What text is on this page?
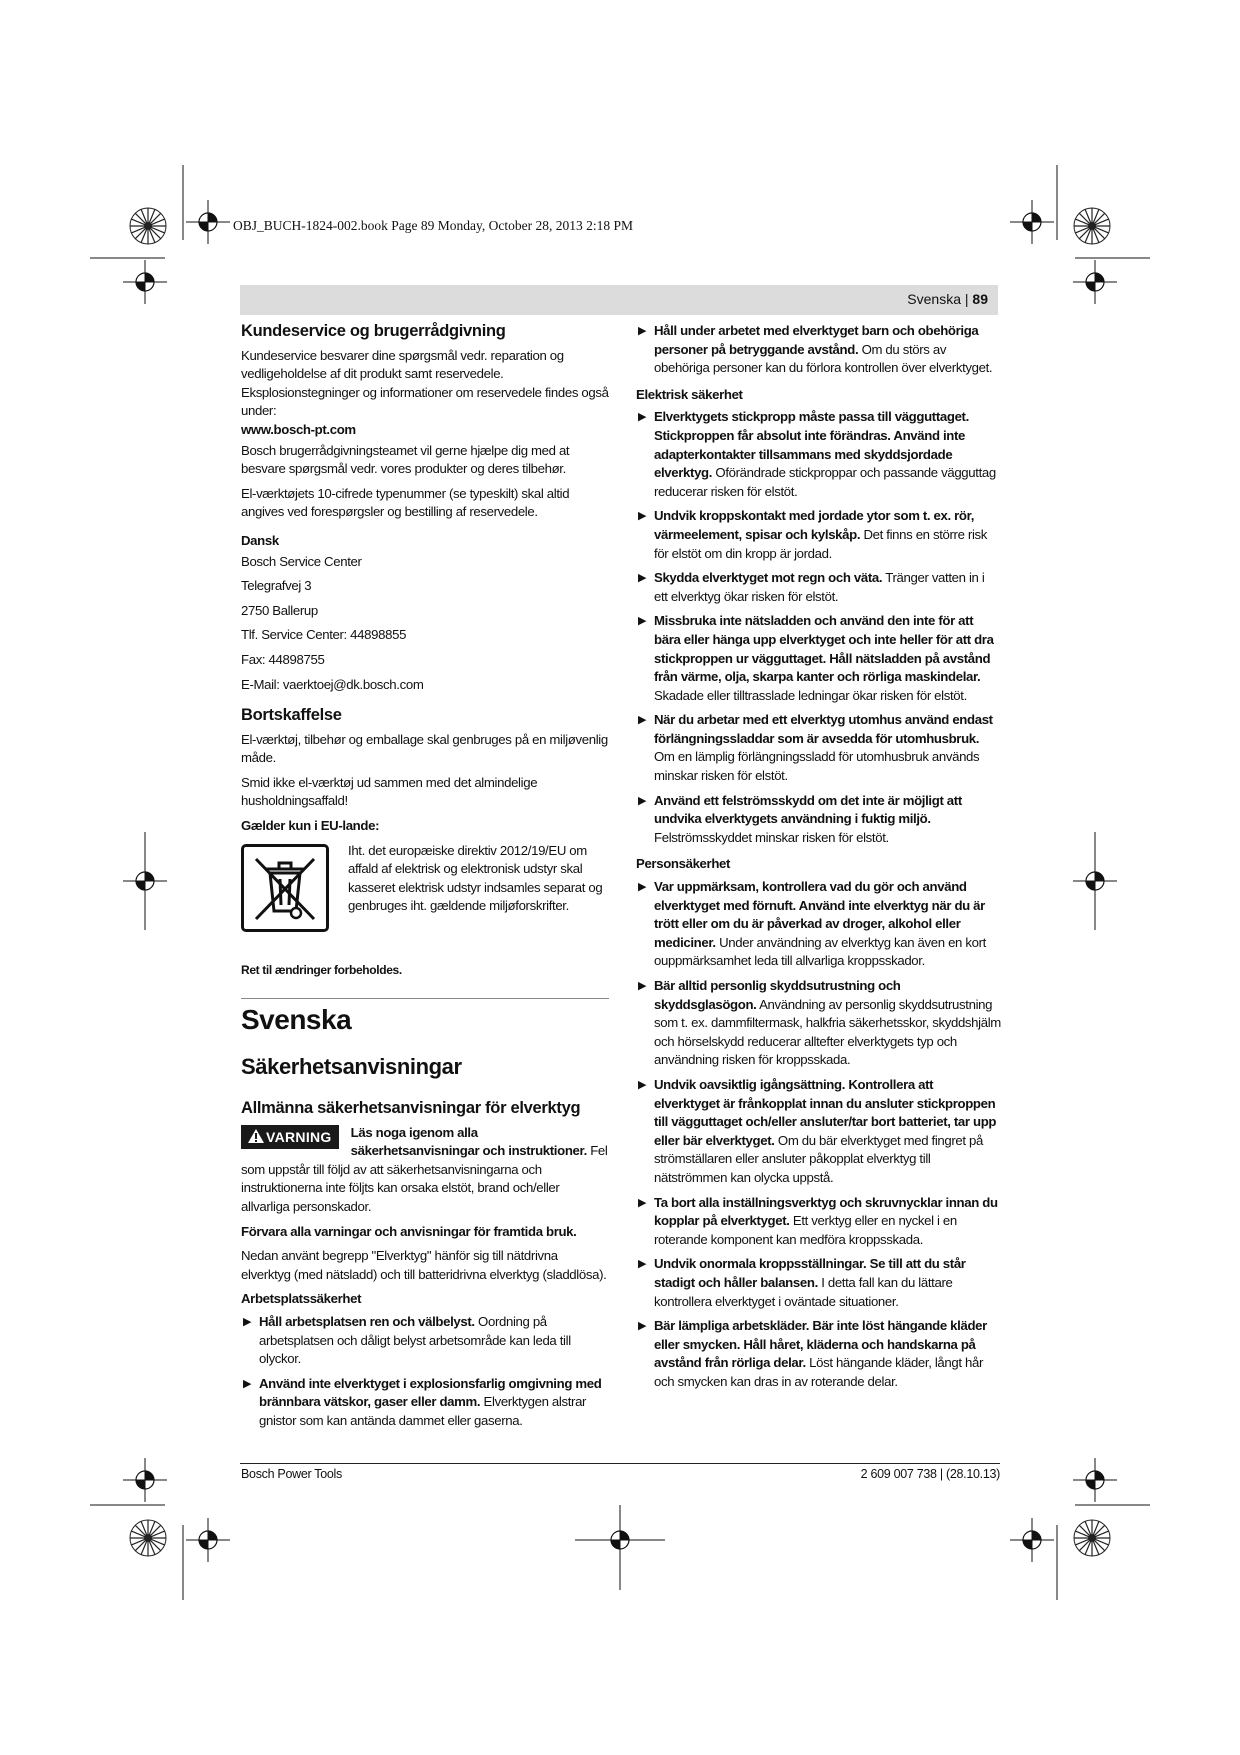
OBJ_BUCH-1824-002.book Page 89 Monday, October 28, 2013 2:18 PM
Svenska | 89
Kundeservice og brugerrådgivning

Kundeservice besvarer dine spørgsmål vedr. reparation og vedligeholdelse af dit produkt samt reservedele. Eksplosionstegninger og informationer om reservedele findes også under:

www.bosch-pt.com

Bosch brugerrådgivningsteamet vil gerne hjælpe dig med at besvare spørgsmål vedr. vores produkter og deres tilbehør.

El-værktøjets 10-cifrede typenummer (se typeskilt) skal altid angives ved forespørgsler og bestilling af reservedele.

Dansk

Bosch Service Center

Telegrafvej 3

2750 Ballerup

Tlf. Service Center: 44898855

Fax: 44898755

E-Mail: vaerktoej@dk.bosch.com

Bortskaffelse

El-værktøj, tilbehør og emballage skal genbruges på en miljøvenlig måde.

Smid ikke el-værktøj ud sammen med det almindelige husholdningsaffald!

Gælder kun i EU-lande:
Iht. det europæiske direktiv 2012/19/EU om affald af elektrisk og elektronisk udstyr skal kasseret elektrisk udstyr indsamles separat og genbruges iht. gældende miljøforskrifter.
Ret til ændringer forbeholdes.
Svenska
Säkerhetsanvisningar
Allmänna säkerhetsanvisningar för elverktyg
VARNING	Läs noga igenom alla säkerhetsanvisningar och instruktioner. Fel som uppstår till följd av att säkerhetsanvisningarna och instruktionerna inte följts kan orsaka elstöt, brand och/eller allvarliga personskador.

Förvara alla varningar och anvisningar för framtida bruk.

Nedan använt begrepp "Elverktyg" hänför sig till nätdrivna elverktyg (med nätsladd) och till batteridrivna elverktyg (sladdlösa).

Arbetsplatssäkerhet
▶ Håll arbetsplatsen ren och välbelyst. Oordning på arbetsplatsen och dåligt belyst arbetsområde kan leda till olyckor.
▶ Använd inte elverktyget i explosionsfarlig omgivning med brännbara vätskor, gaser eller damm. Elverktygen alstrar gnistor som kan antända dammet eller gaserna.
▶ Håll under arbetet med elverktyget barn och obehöriga personer på betryggande avstånd. Om du störs av obehöriga personer kan du förlora kontrollen över elverktyget.
Elektrisk säkerhet
▶ Elverktygets stickpropp måste passa till vägguttaget. Stickproppen får absolut inte förändras. Använd inte adapterkontakter tillsammans med skyddsjordade elverktyg. Oförändrade stickproppar och passande vägguttag reducerar risken för elstöt.
▶ Undvik kroppskontakt med jordade ytor som t. ex. rör, värmeelement, spisar och kylskåp. Det finns en större risk för elstöt om din kropp är jordad.
▶ Skydda elverktyget mot regn och väta. Tränger vatten in i ett elverktyg ökar risken för elstöt.
▶ Missbruka inte nätsladden och använd den inte för att bära eller hänga upp elverktyget och inte heller för att dra stickproppen ur vägguttaget. Håll nätsladden på avstånd från värme, olja, skarpa kanter och rörliga maskindelar. Skadade eller tilltrasslade ledningar ökar risken för elstöt.
▶ När du arbetar med ett elverktyg utomhus använd endast förlängningssladdar som är avsedda för utomhusbruk. Om en lämplig förlängningssladd för utomhusbruk används minskar risken för elstöt.
▶ Använd ett felströmsskydd om det inte är möjligt att undvika elverktygets användning i fuktig miljö. Felströmsskyddet minskar risken för elstöt.
Personsäkerhet
▶ Var uppmärksam, kontrollera vad du gör och använd elverktyget med förnuft. Använd inte elverktyg när du är trött eller om du är påverkad av droger, alkohol eller mediciner. Under användning av elverktyg kan även en kort ouppmärksamhet leda till allvarliga kroppsskador.
▶ Bär alltid personlig skyddsutrustning och skyddsglasögon. Användning av personlig skyddsutrustning som t. ex. dammfiltermask, halkfria säkerhetsskor, skyddshjälm och hörselskydd reducerar alltefter elverktygets typ och användning risken för kroppsskada.
▶ Undvik oavsiktlig igångsättning. Kontrollera att elverktyget är frånkopplat innan du ansluter stickproppen till vägguttaget och/eller ansluter/tar bort batteriet, tar upp eller bär elverktyget. Om du bär elverktyget med fingret på strömställaren eller ansluter påkopplat elverktyg till nätströmmen kan olycka uppstå.
▶ Ta bort alla inställningsverktyg och skruvnycklar innan du kopplar på elverktyget. Ett verktyg eller en nyckel i en roterande komponent kan medföra kroppsskada.
▶ Undvik onormala kroppsställningar. Se till att du står stadigt och håller balansen. I detta fall kan du lättare kontrollera elverktyget i oväntade situationer.
▶ Bär lämpliga arbetskläder. Bär inte löst hängande kläder eller smycken. Håll håret, kläderna och handskarna på avstånd från rörliga delar. Löst hängande kläder, långt hår och smycken kan dras in av roterande delar.
Bosch Power Tools	2 609 007 738 | (28.10.13)
